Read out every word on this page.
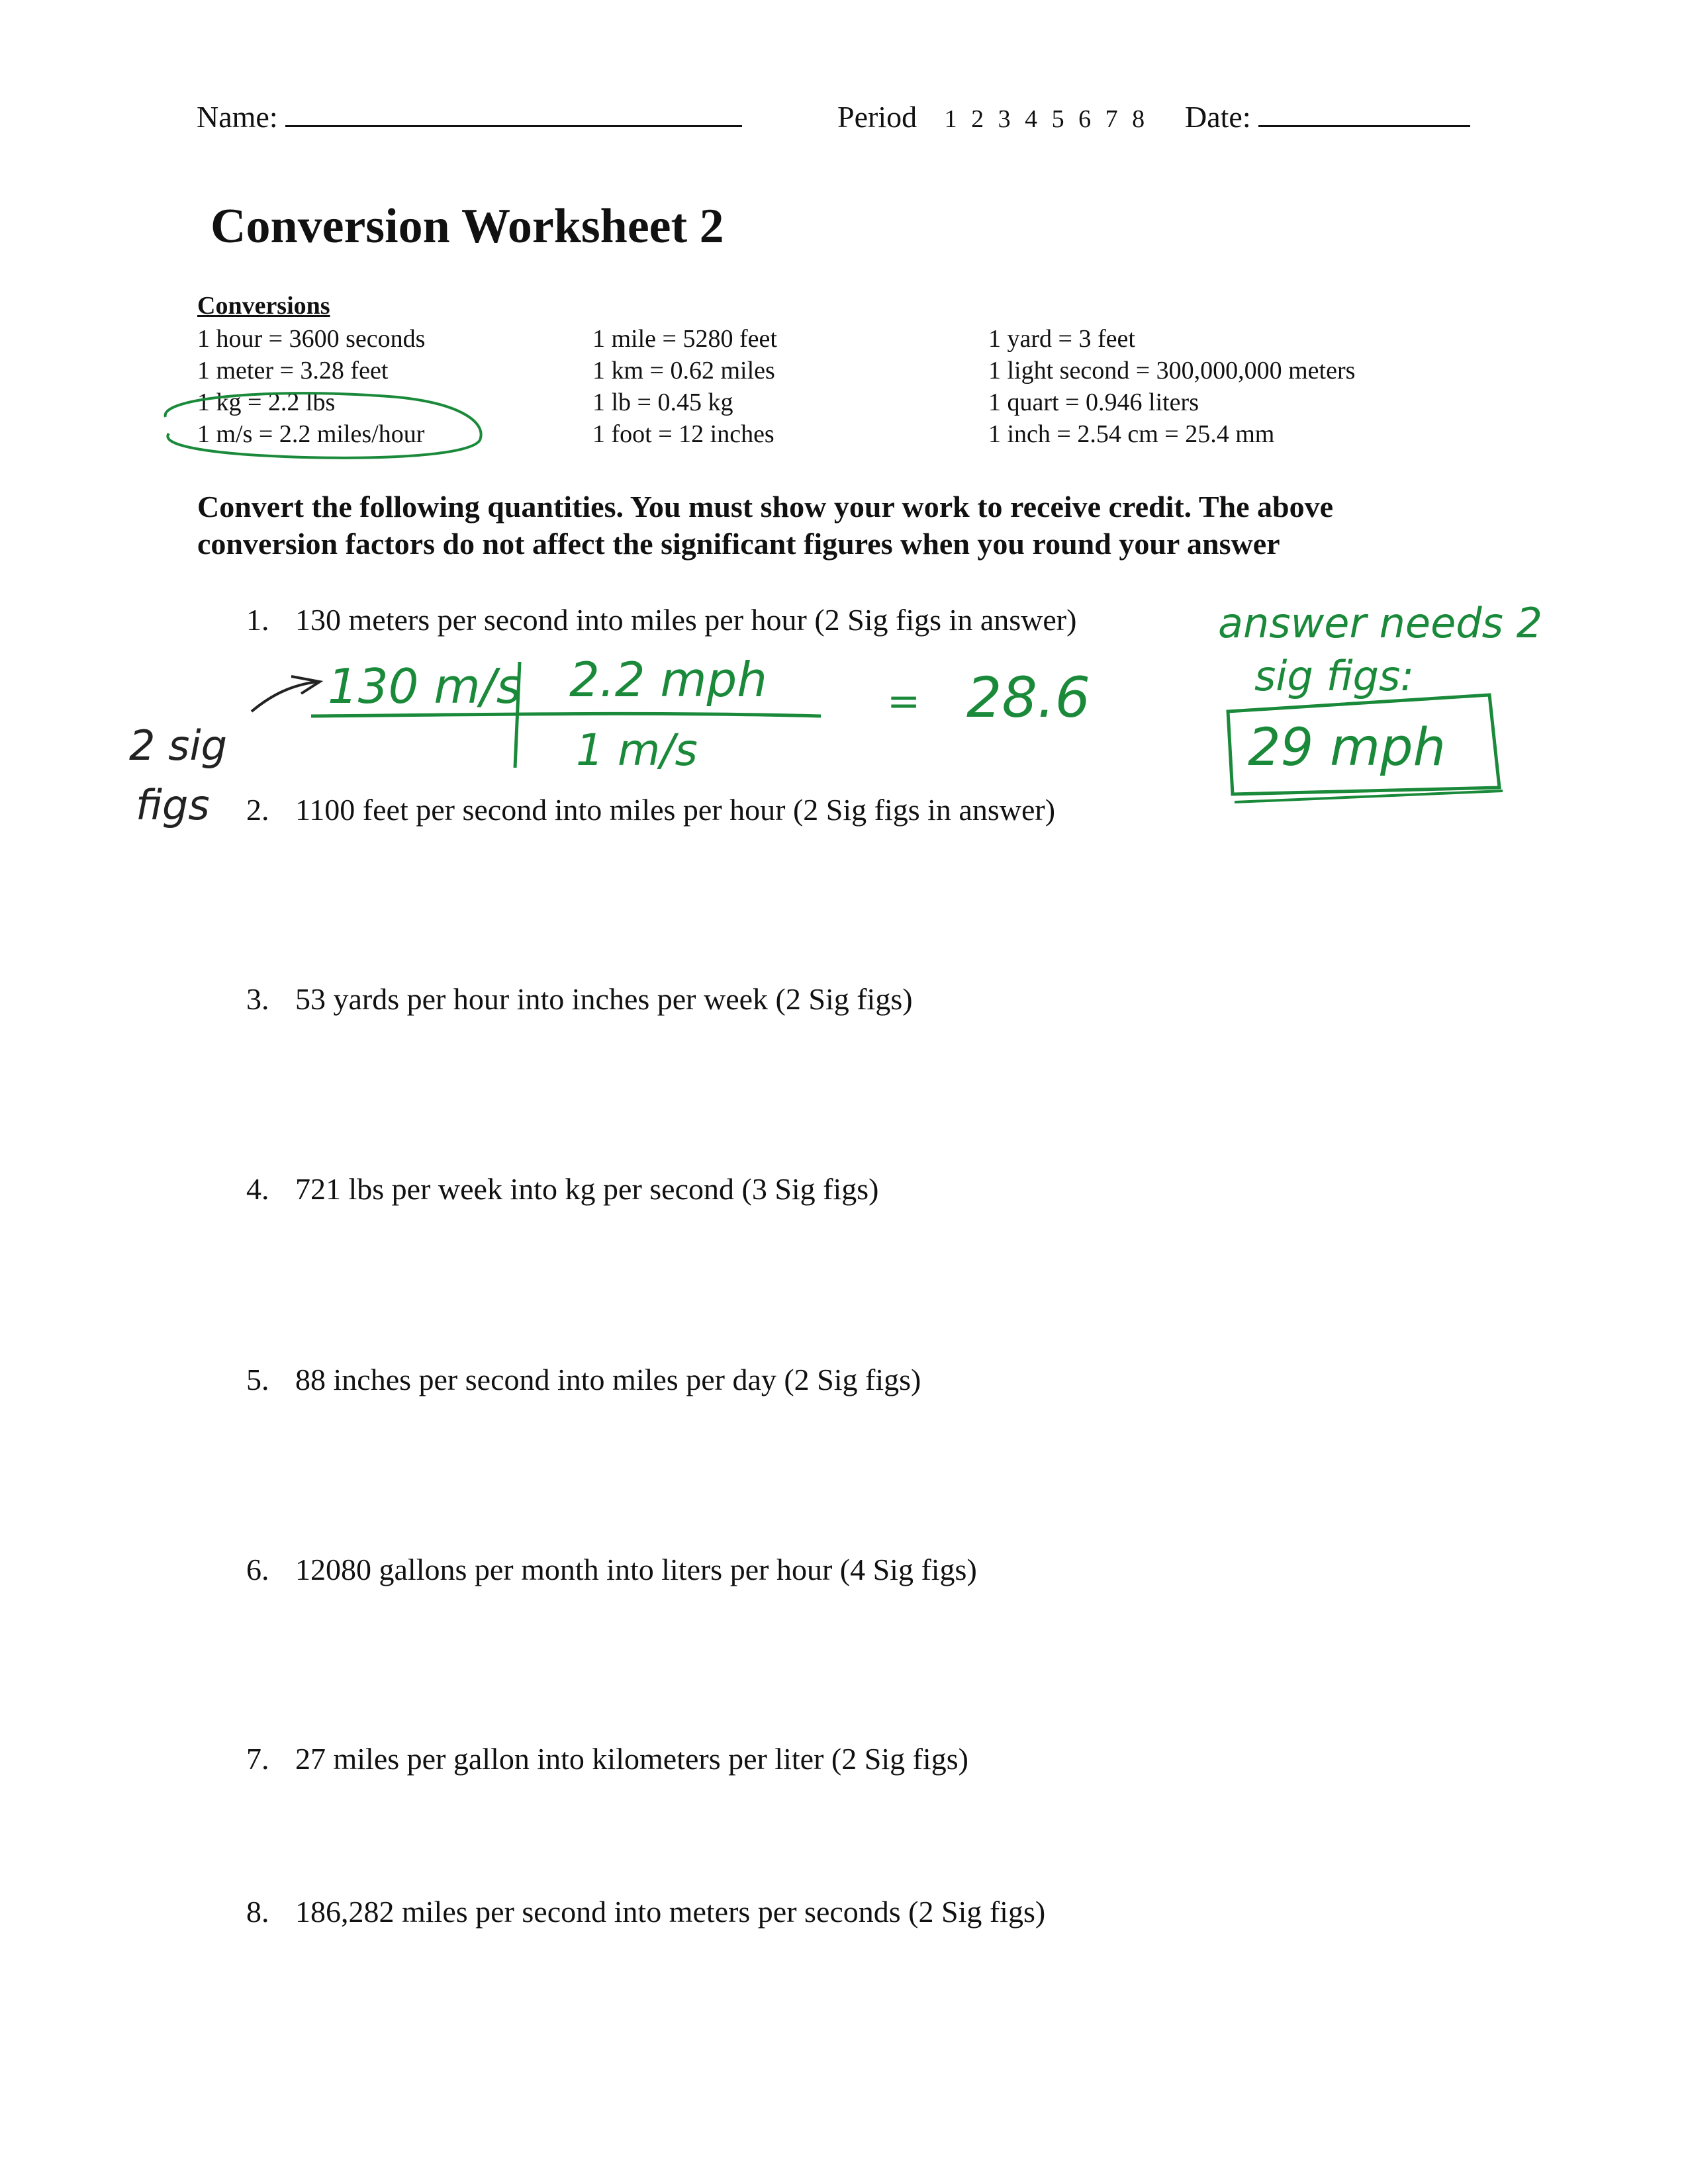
Name:	Period 1 2 3 4 5 6 7 8 Date:
Conversion Worksheet 2
Conversions
1 hour = 3600 seconds
1 meter = 3.28 feet
1 kg = 2.2 lbs
1 m/s = 2.2 miles/hour
1 mile = 5280 feet
1 km = 0.62 miles
1 lb = 0.45 kg
1 foot = 12 inches
1 yard = 3 feet
1 light second = 300,000,000 meters
1 quart = 0.946 liters
1 inch = 2.54 cm = 25.4 mm
Convert the following quantities. You must show your work to receive credit. The above
conversion factors do not affect the significant figures when you round your answer
1. 130 meters per second into miles per hour (2 Sig figs in answer)
2. 1100 feet per second into miles per hour (2 Sig figs in answer)
3. 53 yards per hour into inches per week (2 Sig figs)
4. 721 lbs per week into kg per second (3 Sig figs)
5. 88 inches per second into miles per day (2 Sig figs)
6. 12080 gallons per month into liters per hour (4 Sig figs)
7. 27 miles per gallon into kilometers per liter (2 Sig figs)
8. 186,282 miles per second into meters per seconds (2 Sig figs)
130 m/s 2.2 mph
1 m/s
= 28.6
answer needs 2
sig figs:
29 mph
2 sig
figs
